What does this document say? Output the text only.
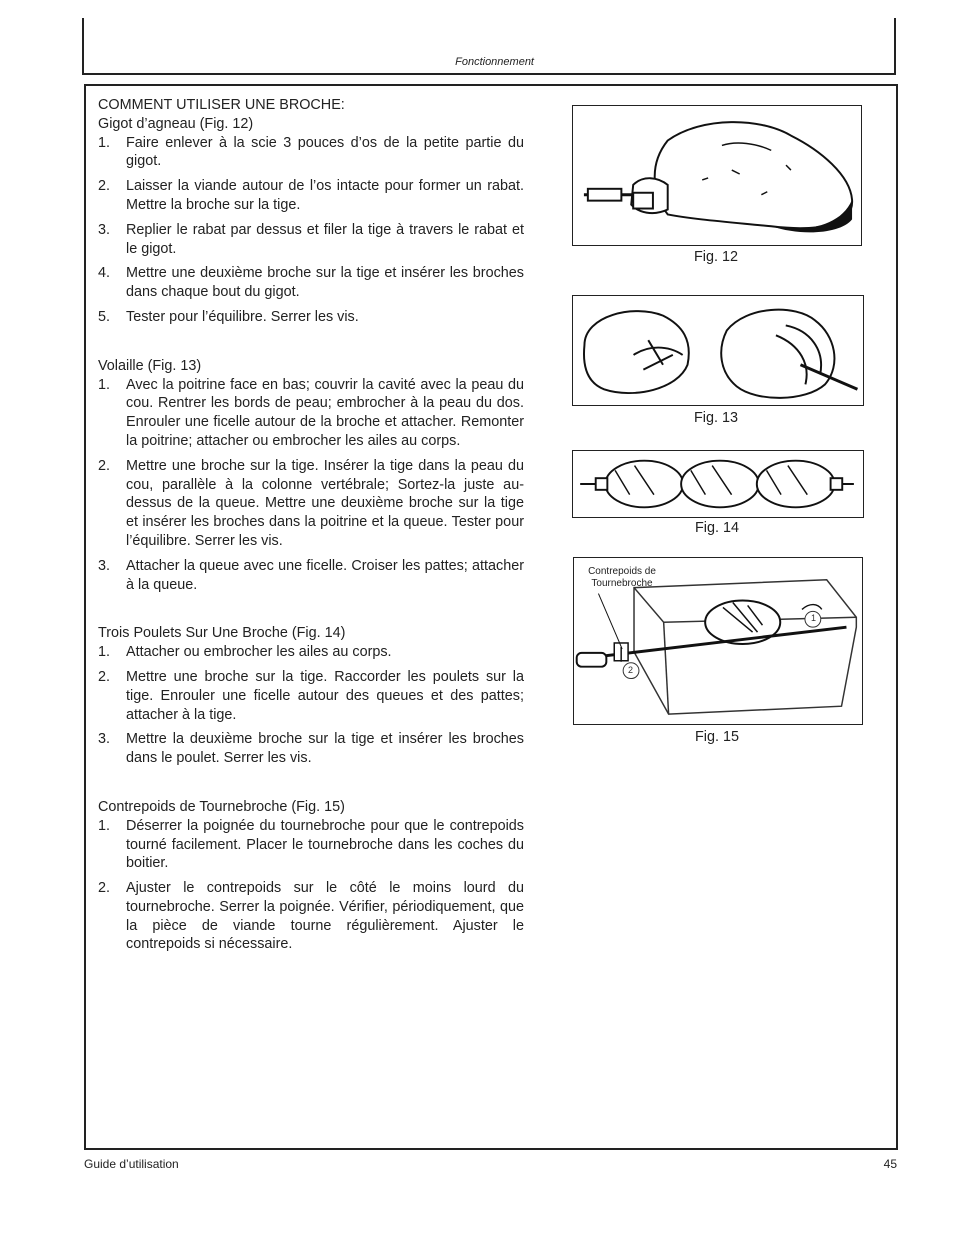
Fonctionnement

COMMENT UTILISER UNE BROCHE:

Gigot d’agneau (Fig. 12)

1.	Faire enlever à la scie 3 pouces d’os de la petite partie du gigot.
2.	Laisser la viande autour de l’os intacte pour former un rabat. Mettre la broche sur la tige.
3.	Replier le rabat par dessus et filer la tige à travers le rabat et le gigot.
4.	Mettre une deuxième broche sur la tige et insérer les broches dans chaque bout du gigot.
5.	Tester pour l’équilibre. Serrer les vis.

Volaille (Fig. 13)

1.	Avec la poitrine face en bas; couvrir la cavité avec la peau du cou. Rentrer les bords de peau; embrocher à la peau du dos. Enrouler une ficelle autour de la broche et attacher. Remonter la poitrine; attacher ou embrocher les ailes au corps.
2.	Mettre une broche sur la tige. Insérer la tige dans la peau du cou, parallèle à la colonne vertébrale; Sortez-la juste au-dessus de la queue. Mettre une deuxième broche sur la tige et insérer les broches dans la poitrine et la queue. Tester pour l’équilibre. Serrer les vis.
3.	Attacher la queue avec une ficelle. Croiser les pattes; attacher à la queue.

Trois Poulets Sur Une Broche (Fig. 14)

1.	Attacher ou embrocher les ailes au corps.
2.	Mettre une broche sur la tige. Raccorder les poulets sur la tige. Enrouler une ficelle autour des queues et des pattes; attacher à la tige.
3.	Mettre la deuxième broche sur la tige et insérer les broches dans le poulet. Serrer les vis.

Contrepoids de Tournebroche (Fig. 15)

1.	Déserrer la poignée du tournebroche pour que le contrepoids tourné facilement. Placer le tournebroche dans les coches du boitier.
2.	Ajuster le contrepoids sur le côté le moins lourd du tournebroche. Serrer la poignée. Vérifier, périodiquement, que la pièce de viande tourne régulièrement. Ajuster le contrepoids si nécessaire.
Fig. 12
Fig. 13
Fig. 14
Contrepoids de Tournebroche
1
2
Fig. 15
Guide d’utilisation	45
